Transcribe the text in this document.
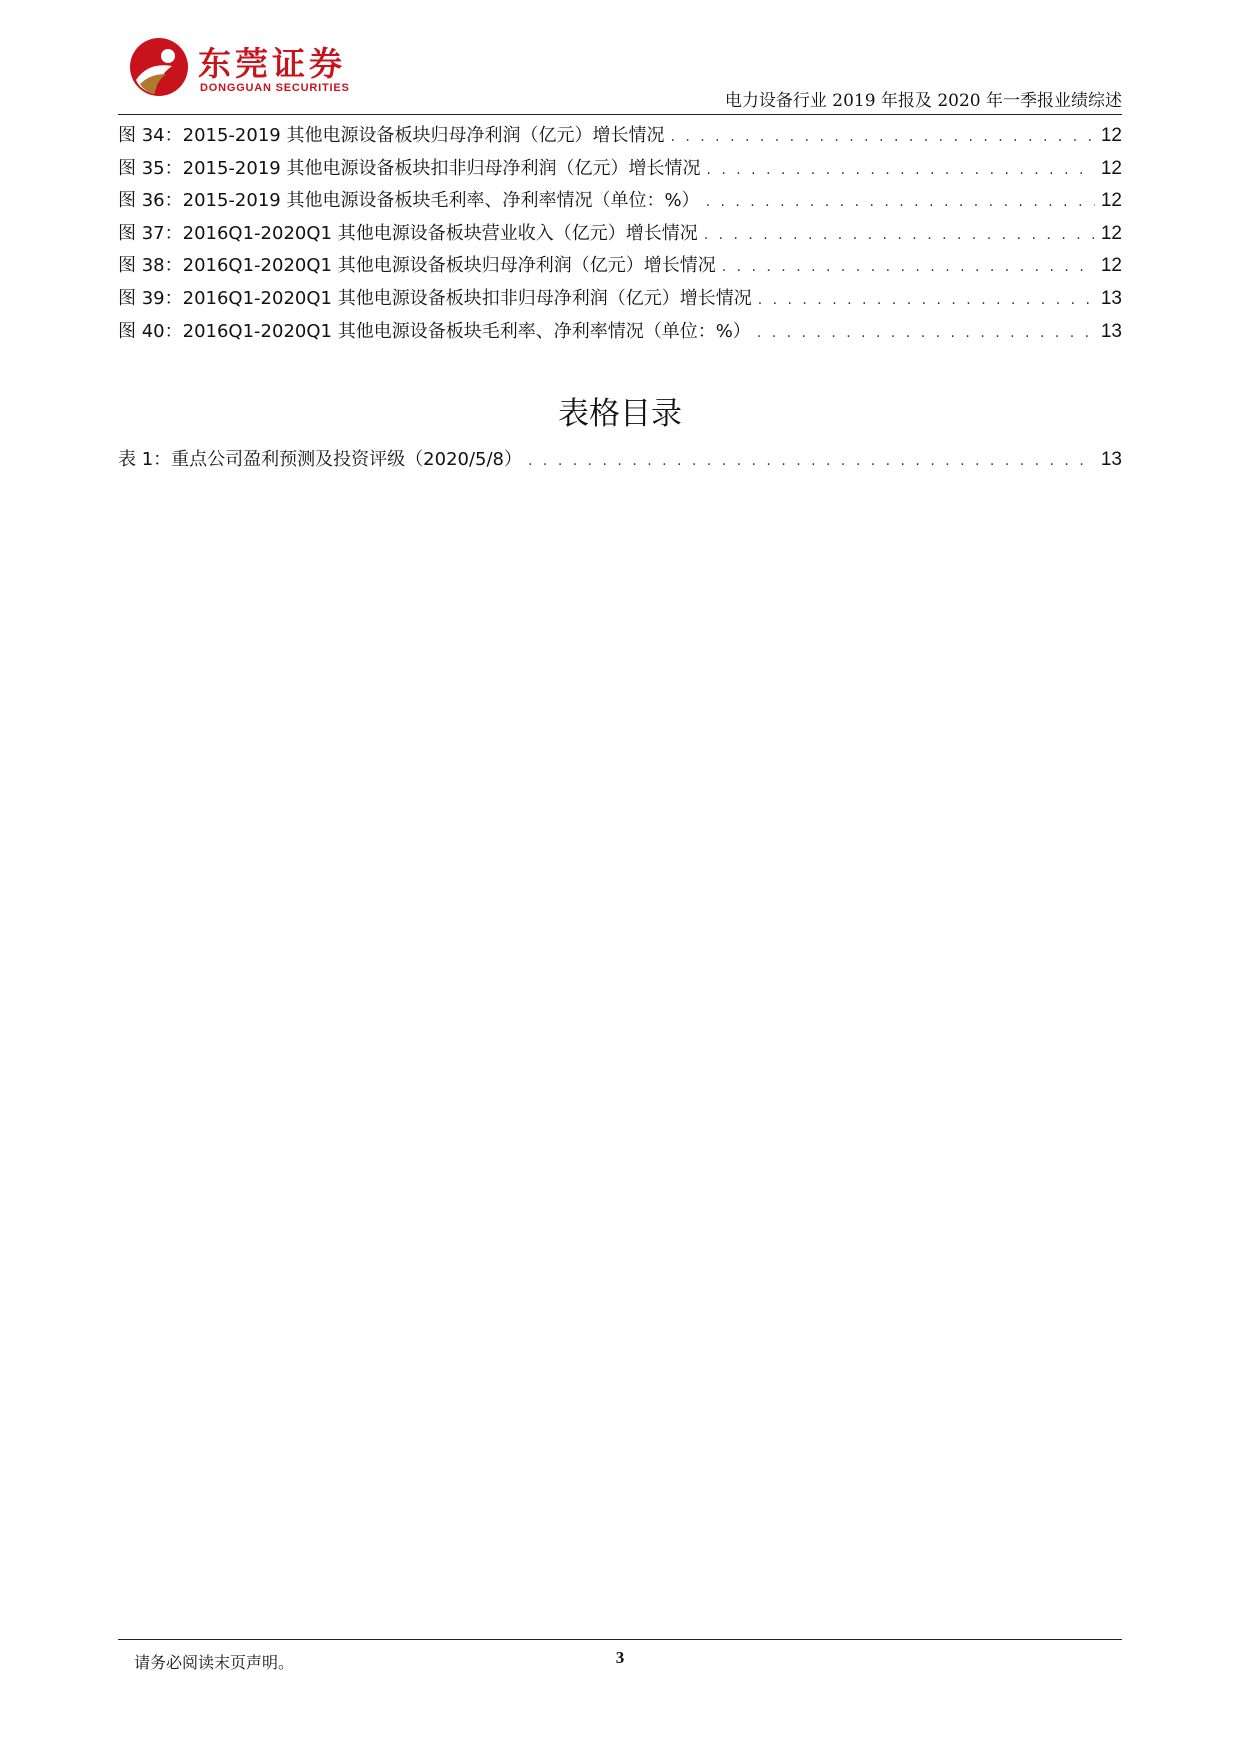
东莞证券
DONGGUAN SECURITIES
电力设备行业 2019 年报及 2020 年一季报业绩综述
图 34：2015-2019 其他电源设备板块归母净利润（亿元）增长情况 . . .	12
图 35：2015-2019 其他电源设备板块扣非归母净利润（亿元）增长情况 . . .	12
图 36：2015-2019 其他电源设备板块毛利率、净利率情况（单位：%） . . .	12
图 37：2016Q1-2020Q1 其他电源设备板块营业收入（亿元）增长情况 . . .	12
图 38：2016Q1-2020Q1 其他电源设备板块归母净利润（亿元）增长情况 . . .	12
图 39：2016Q1-2020Q1 其他电源设备板块扣非归母净利润（亿元）增长情况 . . .	13
图 40：2016Q1-2020Q1 其他电源设备板块毛利率、净利率情况（单位：%） . . .	13
表格目录
表 1：重点公司盈利预测及投资评级（2020/5/8） . . .	13
请务必阅读末页声明。	3
